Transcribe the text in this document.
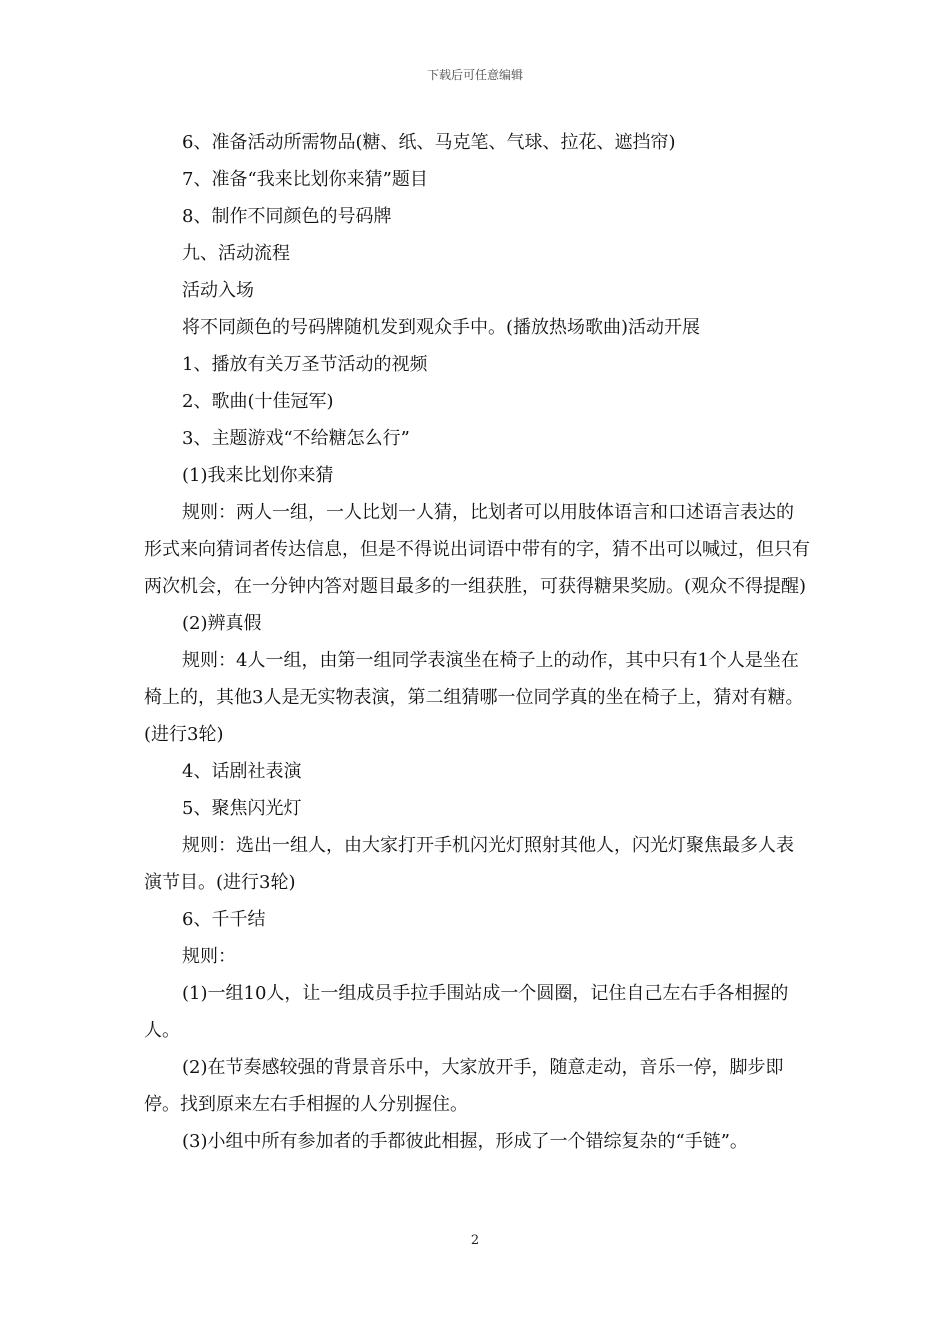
下载后可任意编辑

6、准备活动所需物品(糖、纸、马克笔、气球、拉花、遮挡帘)

7、准备“我来比划你来猜”题目

8、制作不同颜色的号码牌

九、活动流程

活动入场

将不同颜色的号码牌随机发到观众手中。(播放热场歌曲)活动开展

1、播放有关万圣节活动的视频

2、歌曲(十佳冠军)

3、主题游戏“不给糖怎么行”

(1)我来比划你来猜

规则：两人一组，一人比划一人猜，比划者可以用肢体语言和口述语言表达的形式来向猜词者传达信息，但是不得说出词语中带有的字，猜不出可以喊过，但只有两次机会，在一分钟内答对题目最多的一组获胜，可获得糖果奖励。(观众不得提醒)

(2)辨真假

规则：4人一组，由第一组同学表演坐在椅子上的动作，其中只有1个人是坐在椅上的，其他3人是无实物表演，第二组猜哪一位同学真的坐在椅子上，猜对有糖。(进行3轮)

4、话剧社表演

5、聚焦闪光灯

规则：选出一组人，由大家打开手机闪光灯照射其他人，闪光灯聚焦最多人表演节目。(进行3轮)

6、千千结

规则：

(1)一组10人，让一组成员手拉手围站成一个圆圈，记住自己左右手各相握的人。

(2)在节奏感较强的背景音乐中，大家放开手，随意走动，音乐一停，脚步即停。找到原来左右手相握的人分别握住。

(3)小组中所有参加者的手都彼此相握，形成了一个错综复杂的“手链”。

2
